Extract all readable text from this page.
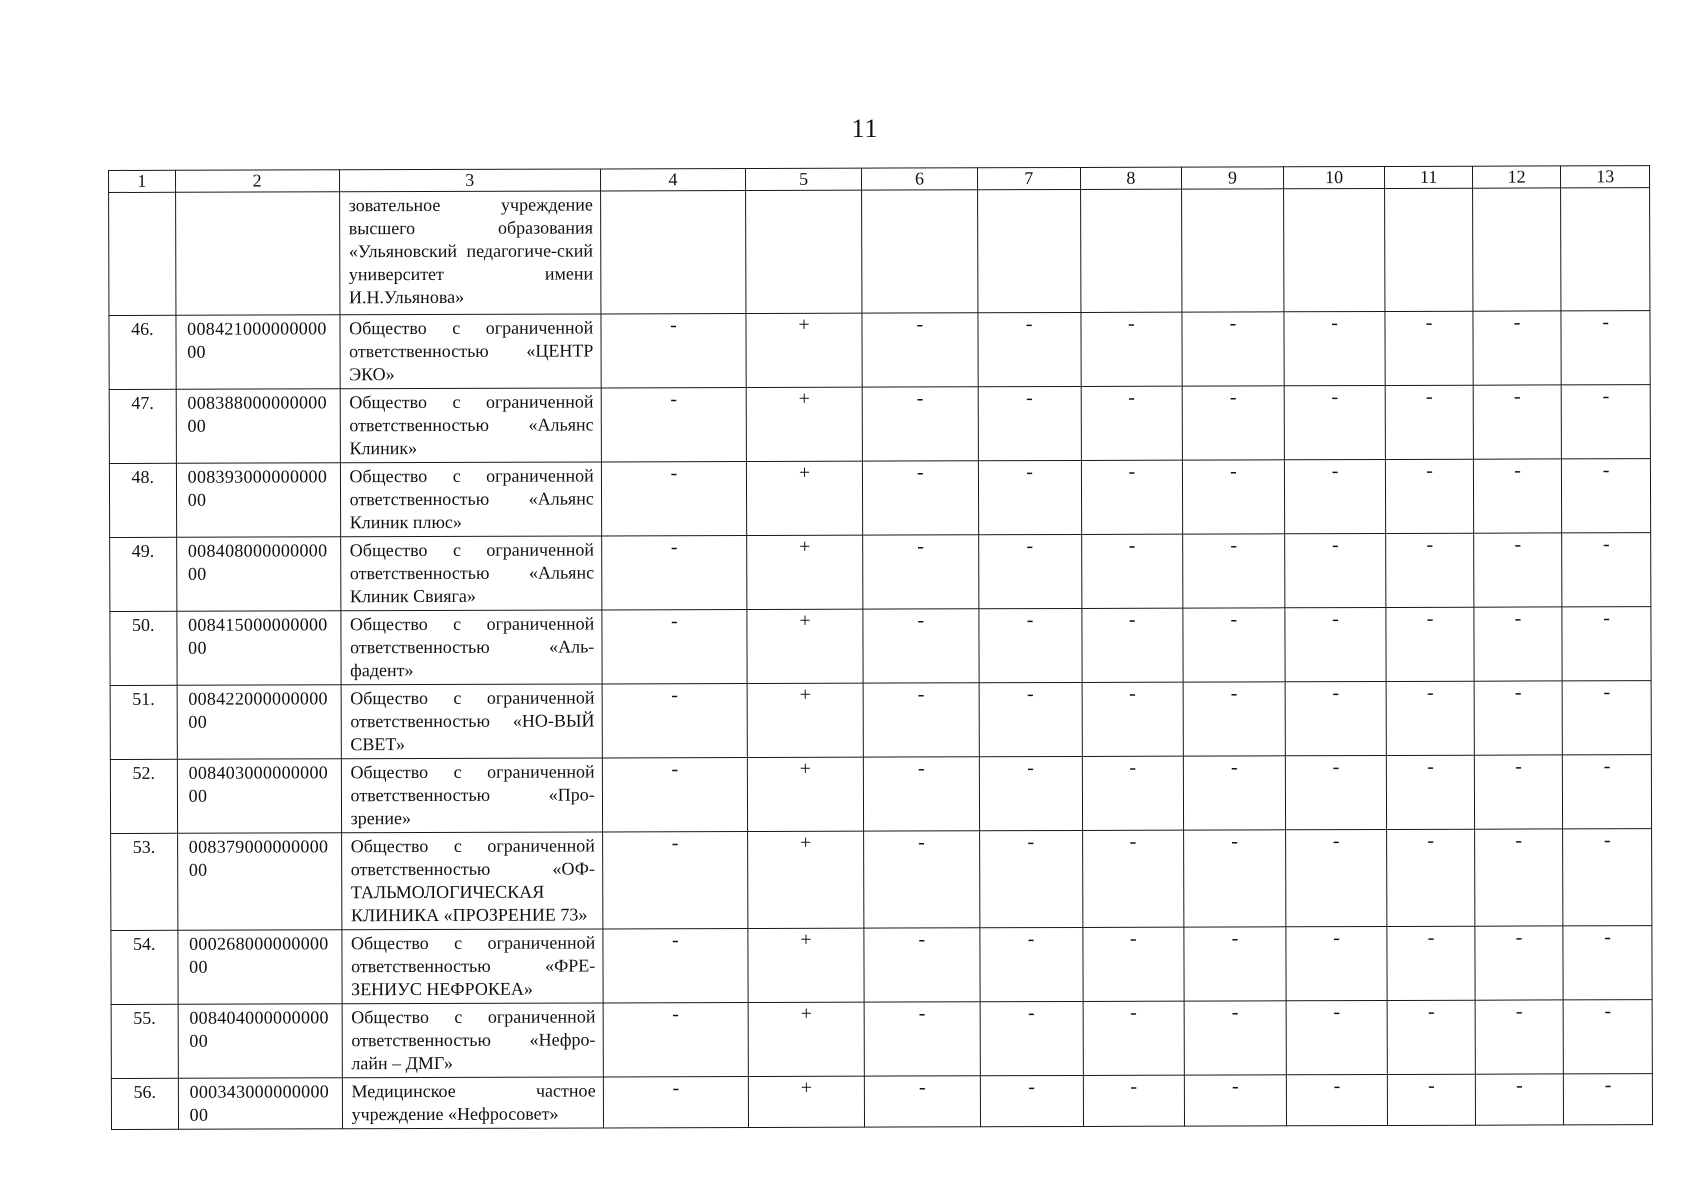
11
1	2	3	4	5	6	7	8	9	10	11	12	13
		зовательное учреждение высшего образования «Ульяновский педагогиче-ский университет имени И.Н.Ульянова»										
46.	00842100000000000	Общество с ограниченной ответственностью «ЦЕНТР ЭКО»	-	+	-	-	-	-	-	-	-	-
47.	00838800000000000	Общество с ограниченной ответственностью «Альянс Клиник»	-	+	-	-	-	-	-	-	-	-
48.	00839300000000000	Общество с ограниченной ответственностью «Альянс Клиник плюс»	-	+	-	-	-	-	-	-	-	-
49.	00840800000000000	Общество с ограниченной ответственностью «Альянс Клиник Свияга»	-	+	-	-	-	-	-	-	-	-
50.	00841500000000000	Общество с ограниченной ответственностью «Аль-фадент»	-	+	-	-	-	-	-	-	-	-
51.	00842200000000000	Общество с ограниченной ответственностью «НО-ВЫЙ СВЕТ»	-	+	-	-	-	-	-	-	-	-
52.	00840300000000000	Общество с ограниченной ответственностью «Про-зрение»	-	+	-	-	-	-	-	-	-	-
53.	00837900000000000	Общество с ограниченной ответственностью «ОФ-ТАЛЬМОЛОГИЧЕСКАЯ КЛИНИКА «ПРОЗРЕНИЕ 73»	-	+	-	-	-	-	-	-	-	-
54.	00026800000000000	Общество с ограниченной ответственностью «ФРЕ-ЗЕНИУС НЕФРОКЕА»	-	+	-	-	-	-	-	-	-	-
55.	00840400000000000	Общество с ограниченной ответственностью «Нефро-лайн – ДМГ»	-	+	-	-	-	-	-	-	-	-
56.	00034300000000000	Медицинское частное учреждение «Нефросовет»	-	+	-	-	-	-	-	-	-	-
